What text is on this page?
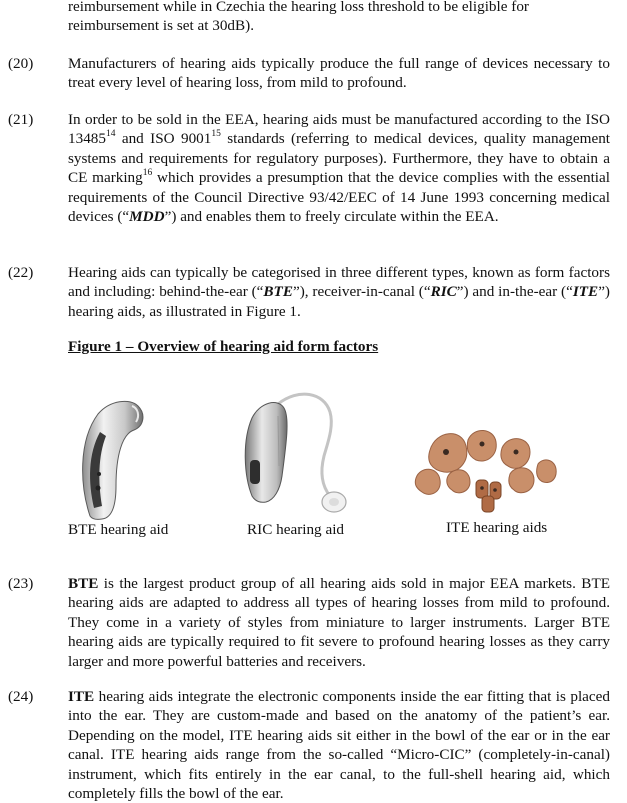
reimbursement while in Czechia the hearing loss threshold to be eligible for
reimbursement is set at 30dB).
(20) Manufacturers of hearing aids typically produce the full range of devices necessary to treat every level of hearing loss, from mild to profound.
(21) In order to be sold in the EEA, hearing aids must be manufactured according to the ISO 13485$^{14}$ and ISO 9001$^{15}$ standards (referring to medical devices, quality management systems and requirements for regulatory purposes). Furthermore, they have to obtain a CE marking$^{16}$ which provides a presumption that the device complies with the essential requirements of the Council Directive 93/42/EEC of 14 June 1993 concerning medical devices (“MDD”) and enables them to freely circulate within the EEA.
(22) Hearing aids can typically be categorised in three different types, known as form factors and including: behind-the-ear (“BTE”), receiver-in-canal (“RIC”) and in-the-ear (“ITE”) hearing aids, as illustrated in Figure 1.
Figure 1 – Overview of hearing aid form factors
BTE hearing aid	RIC hearing aid	ITE hearing aids
(23) BTE is the largest product group of all hearing aids sold in major EEA markets. BTE hearing aids are adapted to address all types of hearing losses from mild to profound. They come in a variety of styles from miniature to larger instruments. Larger BTE hearing aids are typically required to fit severe to profound hearing losses as they carry larger and more powerful batteries and receivers.
(24) ITE hearing aids integrate the electronic components inside the ear fitting that is placed into the ear. They are custom-made and based on the anatomy of the patient’s ear. Depending on the model, ITE hearing aids sit either in the bowl of the ear or in the ear canal. ITE hearing aids range from the so-called “Micro-CIC” (completely-in-canal) instrument, which fits entirely in the ear canal, to the full-shell hearing aid, which completely fills the bowl of the ear.
